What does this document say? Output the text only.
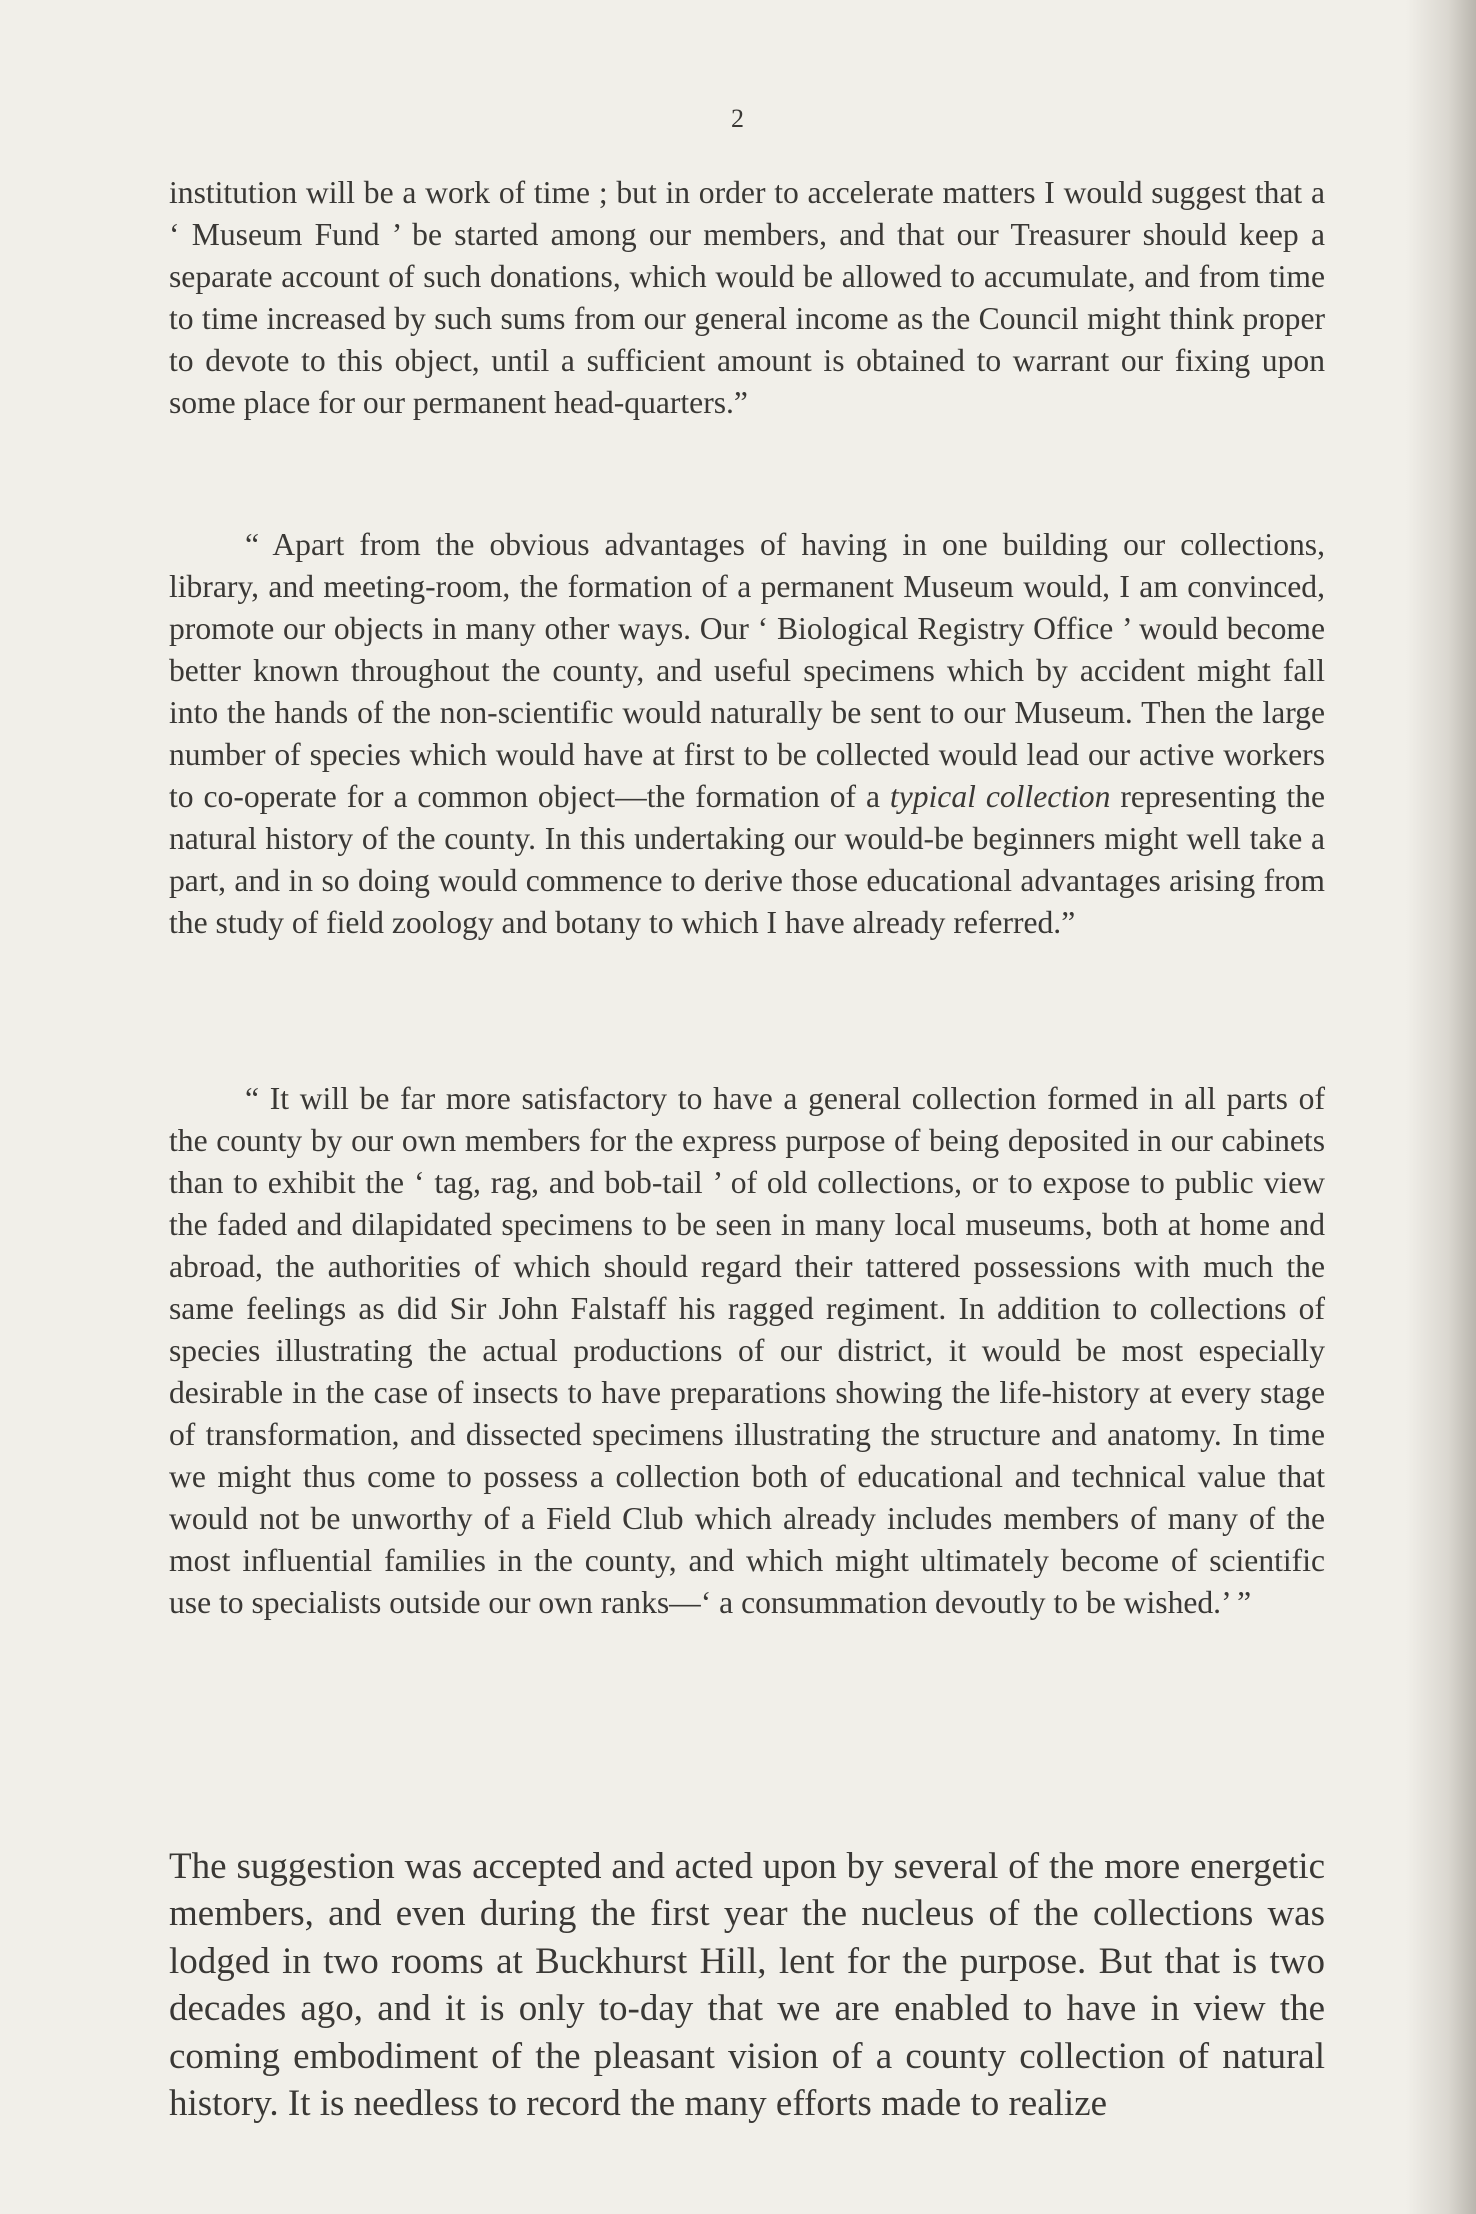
2

institution will be a work of time ; but in order to accelerate matters I would suggest that a ‘ Museum Fund ’ be started among our members, and that our Treasurer should keep a separate account of such donations, which would be allowed to accumulate, and from time to time increased by such sums from our general income as the Council might think proper to devote to this object, until a sufficient amount is obtained to warrant our fixing upon some place for our permanent head-quarters.”

“ Apart from the obvious advantages of having in one building our collections, library, and meeting-room, the formation of a permanent Museum would, I am convinced, promote our objects in many other ways. Our ‘ Biological Registry Office ’ would become better known throughout the county, and useful specimens which by accident might fall into the hands of the non-scientific would naturally be sent to our Museum. Then the large number of species which would have at first to be collected would lead our active workers to co-operate for a common object—the formation of a typical collection representing the natural history of the county. In this undertaking our would-be beginners might well take a part, and in so doing would commence to derive those educational advantages arising from the study of field zoology and botany to which I have already referred.”

“ It will be far more satisfactory to have a general collection formed in all parts of the county by our own members for the express purpose of being deposited in our cabinets than to exhibit the ‘ tag, rag, and bob-tail ’ of old collections, or to expose to public view the faded and dilapidated specimens to be seen in many local museums, both at home and abroad, the authorities of which should regard their tattered possessions with much the same feelings as did Sir John Falstaff his ragged regiment. In addition to collections of species illustrating the actual productions of our district, it would be most especially desirable in the case of insects to have preparations showing the life-history at every stage of transformation, and dissected specimens illustrating the structure and anatomy. In time we might thus come to possess a collection both of educational and technical value that would not be unworthy of a Field Club which already includes members of many of the most influential families in the county, and which might ultimately become of scientific use to specialists outside our own ranks—‘ a consummation devoutly to be wished.’ ”

The suggestion was accepted and acted upon by several of the more energetic members, and even during the first year the nucleus of the collections was lodged in two rooms at Buckhurst Hill, lent for the purpose. But that is two decades ago, and it is only to-day that we are enabled to have in view the coming embodiment of the pleasant vision of a county collection of natural history. It is needless to record the many efforts made to realize
